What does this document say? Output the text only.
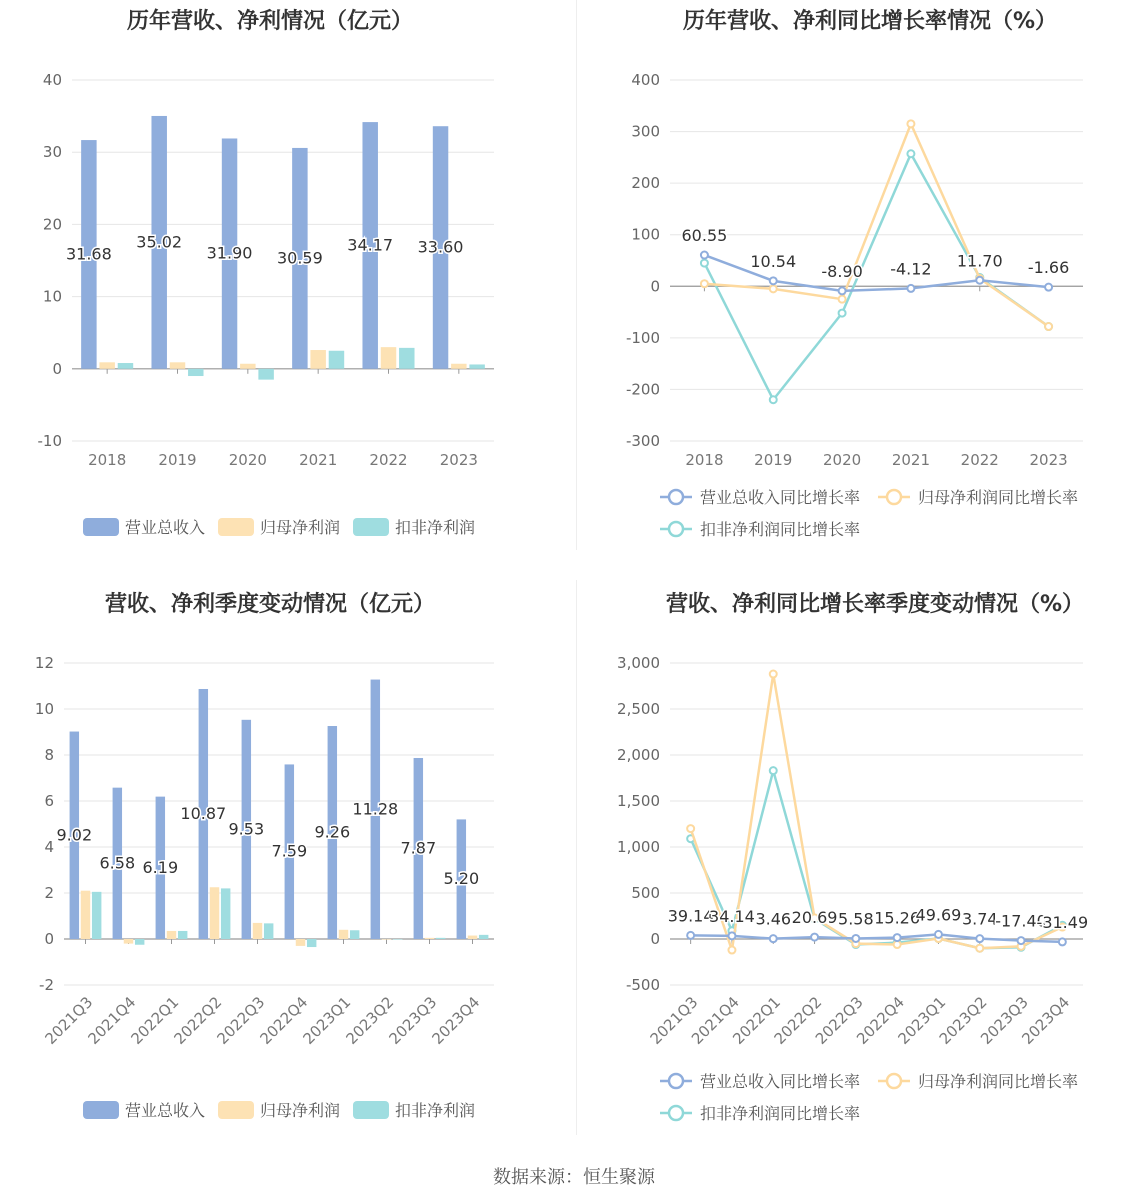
历年营收、净利情况（亿元）	历年营收、净利同比增长率情况（%）
营收、净利季度变动情况（亿元）	营收、净利同比增长率季度变动情况（%）
-10
0
10
20
30
40
2018 2019 2020 2021 2022 2023
31.68
35.02
31.90 30.59
34.17 33.60
营业总收入	归母净利润	扣非净利润
-300
-200
-100
0
100
200
300
400
2018 2019 2020 2021 2022 2023
60.55
10.54
-8.90 -4.12 11.70 -1.66
营业总收入同比增长率	归母净利润同比增长率
扣非净利润同比增长率
-2
0
2
4
6
8
10
12
2021Q3
2021Q4
2022Q1
2022Q2
2022Q3
2022Q4
2023Q1
2023Q2
2023Q3
2023Q4
9.02
6.58 6.19
10.87
9.53
7.59
9.26
11.28
7.87
5.20
营业总收入	归母净利润	扣非净利润
-500
0
500
1,000
1,500
2,000
2,500
3,000
2021Q3
2021Q4
2022Q1
2022Q2
2022Q3
2022Q4
2023Q1
2023Q2
2023Q3
2023Q4
39.14
34.14 3.46 20.69 5.58 15.26
49.69 3.74
-17.40
-31.49
营业总收入同比增长率	归母净利润同比增长率
扣非净利润同比增长率
数据来源：恒生聚源
